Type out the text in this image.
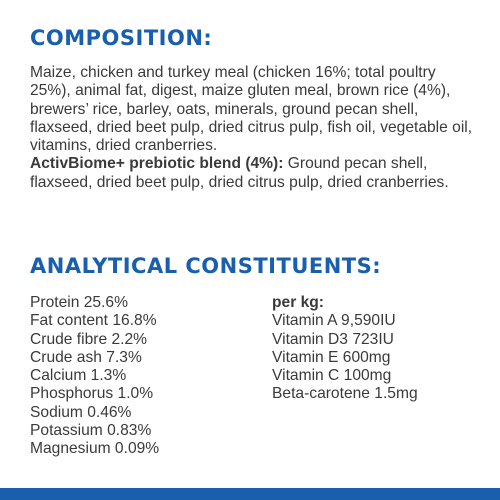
COMPOSITION:
Maize, chicken and turkey meal (chicken 16%; total poultry 25%), animal fat, digest, maize gluten meal, brown rice (4%), brewers’ rice, barley, oats, minerals, ground pecan shell, flaxseed, dried beet pulp, dried citrus pulp, fish oil, vegetable oil, vitamins, dried cranberries.
ActivBiome+ prebiotic blend (4%): Ground pecan shell, flaxseed, dried beet pulp, dried citrus pulp, dried cranberries.
ANALYTICAL CONSTITUENTS:
Protein 25.6%
Fat content 16.8%
Crude fibre 2.2%
Crude ash 7.3%
Calcium 1.3%
Phosphorus 1.0%
Sodium 0.46%
Potassium 0.83%
Magnesium 0.09%
per kg:
Vitamin A 9,590IU
Vitamin D3 723IU
Vitamin E 600mg
Vitamin C 100mg
Beta-carotene 1.5mg
